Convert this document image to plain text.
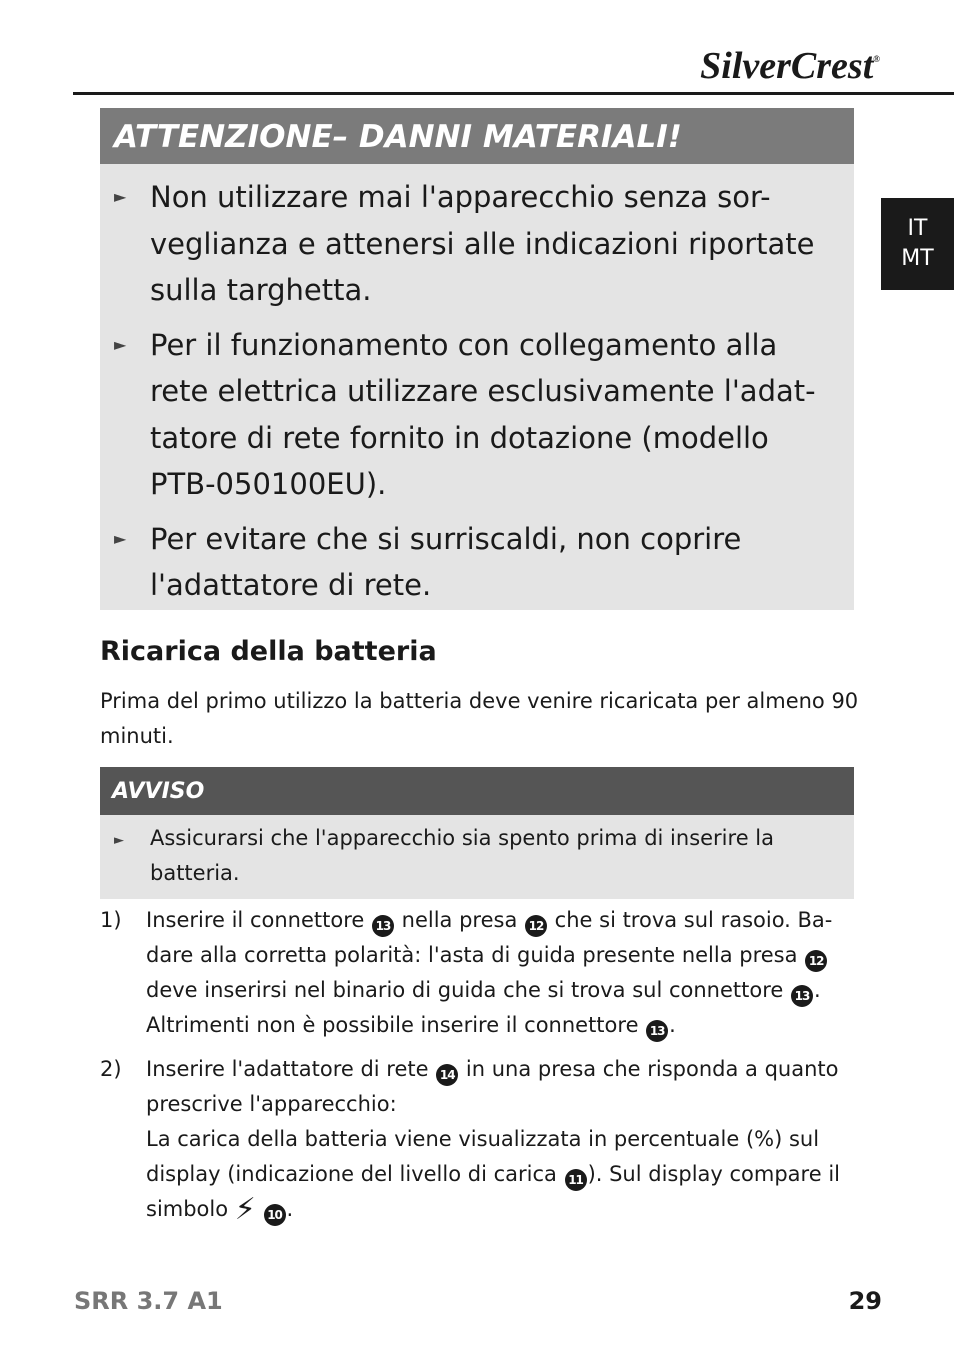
SilverCrest®
IT
MT
ATTENZIONE– DANNI MATERIALI!
► Non utilizzare mai l'apparecchio senza sor-veglianza e attenersi alle indicazioni riportate sulla targhetta.
► Per il funzionamento con collegamento alla rete elettrica utilizzare esclusivamente l'adat-tatore di rete fornito in dotazione (modello PTB-050100EU).
► Per evitare che si surriscaldi, non coprire l'adattatore di rete.
Ricarica della batteria
Prima del primo utilizzo la batteria deve venire ricaricata per almeno 90 minuti.
AVVISO
► Assicurarsi che l'apparecchio sia spento prima di inserire la batteria.
1) Inserire il connettore 13 nella presa 12 che si trova sul rasoio. Ba-dare alla corretta polarità: l'asta di guida presente nella presa 12 deve inserirsi nel binario di guida che si trova sul connettore 13 . Altrimenti non è possibile inserire il connettore 13 .
2) Inserire l'adattatore di rete 14 in una presa che risponda a quanto prescrive l'apparecchio:
La carica della batteria viene visualizzata in percentuale (%) sul display (indicazione del livello di carica 11 ). Sul display compare il simbolo ⚡︎ 10 .
SRR 3.7 A1	29
